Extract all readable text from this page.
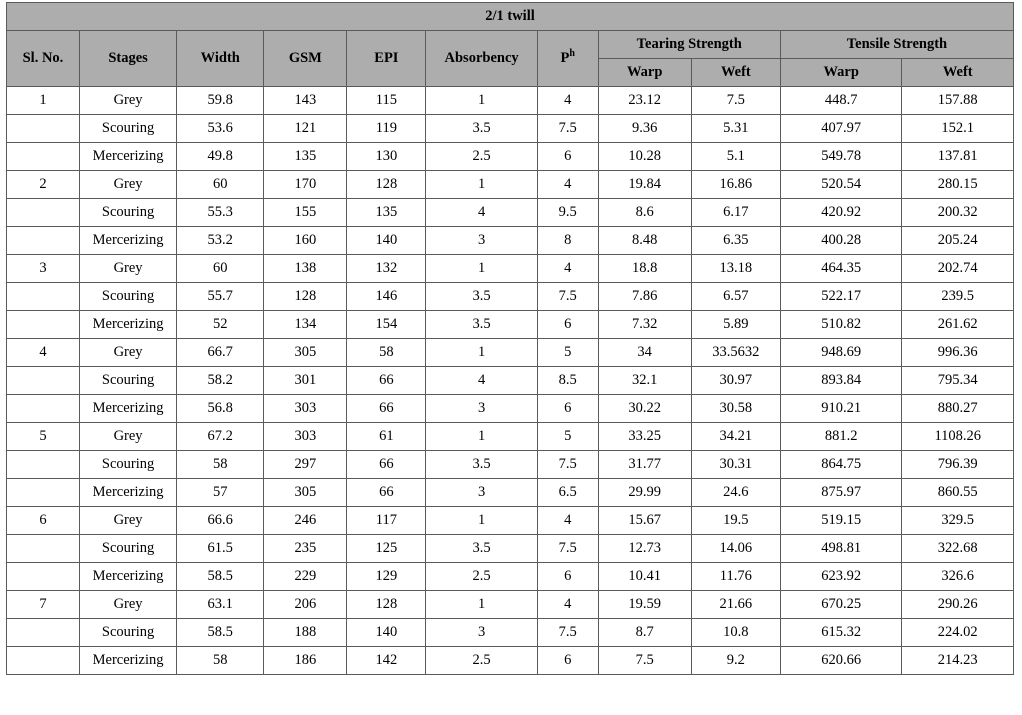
2/1 twill										
Sl. No.	Stages	Width	GSM	EPI	Absorbency	$P^h$	Tearing Strength		Tensile Strength	
							Warp	Weft	Warp	Weft
1	Grey	59.8	143	115	1	4	23.12	7.5	448.7	157.88
	Scouring	53.6	121	119	3.5	7.5	9.36	5.31	407.97	152.1
	Mercerizing	49.8	135	130	2.5	6	10.28	5.1	549.78	137.81
2	Grey	60	170	128	1	4	19.84	16.86	520.54	280.15
	Scouring	55.3	155	135	4	9.5	8.6	6.17	420.92	200.32
	Mercerizing	53.2	160	140	3	8	8.48	6.35	400.28	205.24
3	Grey	60	138	132	1	4	18.8	13.18	464.35	202.74
	Scouring	55.7	128	146	3.5	7.5	7.86	6.57	522.17	239.5
	Mercerizing	52	134	154	3.5	6	7.32	5.89	510.82	261.62
4	Grey	66.7	305	58	1	5	34	33.5632	948.69	996.36
	Scouring	58.2	301	66	4	8.5	32.1	30.97	893.84	795.34
	Mercerizing	56.8	303	66	3	6	30.22	30.58	910.21	880.27
5	Grey	67.2	303	61	1	5	33.25	34.21	881.2	1108.26
	Scouring	58	297	66	3.5	7.5	31.77	30.31	864.75	796.39
	Mercerizing	57	305	66	3	6.5	29.99	24.6	875.97	860.55
6	Grey	66.6	246	117	1	4	15.67	19.5	519.15	329.5
	Scouring	61.5	235	125	3.5	7.5	12.73	14.06	498.81	322.68
	Mercerizing	58.5	229	129	2.5	6	10.41	11.76	623.92	326.6
7	Grey	63.1	206	128	1	4	19.59	21.66	670.25	290.26
	Scouring	58.5	188	140	3	7.5	8.7	10.8	615.32	224.02
	Mercerizing	58	186	142	2.5	6	7.5	9.2	620.66	214.23
